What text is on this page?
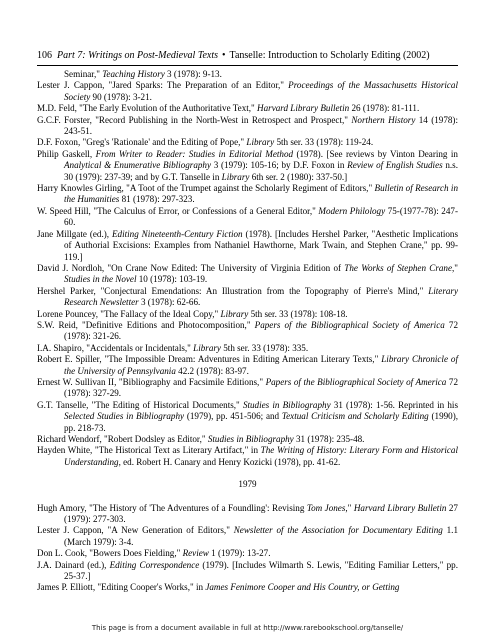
106 Part 7: Writings on Post-Medieval Texts • Tanselle: Introduction to Scholarly Editing (2002)

Seminar," Teaching History 3 (1978): 9-13.

Lester J. Cappon, "Jared Sparks: The Preparation of an Editor," Proceedings of the Massachusetts Historical Society 90 (1978): 3-21.

M.D. Feld, "The Early Evolution of the Authoritative Text," Harvard Library Bulletin 26 (1978): 81-111.

G.C.F. Forster, "Record Publishing in the North-West in Retrospect and Prospect," Northern History 14 (1978): 243-51.

D.F. Foxon, "Greg's 'Rationale' and the Editing of Pope," Library 5th ser. 33 (1978): 119-24.

Philip Gaskell, From Writer to Reader: Studies in Editorial Method (1978). [See reviews by Vinton Dearing in Analytical & Enumerative Bibliography 3 (1979): 105-16; by D.F. Foxon in Review of English Studies n.s. 30 (1979): 237-39; and by G.T. Tanselle in Library 6th ser. 2 (1980): 337-50.]

Harry Knowles Girling, "A Toot of the Trumpet against the Scholarly Regiment of Editors," Bulletin of Research in the Humanities 81 (1978): 297-323.

W. Speed Hill, "The Calculus of Error, or Confessions of a General Editor," Modern Philology 75-(1977-78): 247-60.

Jane Millgate (ed.), Editing Nineteenth-Century Fiction (1978). [Includes Hershel Parker, "Aesthetic Implications of Authorial Excisions: Examples from Nathaniel Hawthorne, Mark Twain, and Stephen Crane," pp. 99-119.]

David J. Nordloh, "On Crane Now Edited: The University of Virginia Edition of The Works of Stephen Crane," Studies in the Novel 10 (1978): 103-19.

Hershel Parker, "Conjectural Emendations: An Illustration from the Topography of Pierre's Mind," Literary Research Newsletter 3 (1978): 62-66.

Lorene Pouncey, "The Fallacy of the Ideal Copy," Library 5th ser. 33 (1978): 108-18.

S.W. Reid, "Definitive Editions and Photocomposition," Papers of the Bibliographical Society of America 72 (1978): 321-26.

I.A. Shapiro, "Accidentals or Incidentals," Library 5th ser. 33 (1978): 335.

Robert E. Spiller, "The Impossible Dream: Adventures in Editing American Literary Texts," Library Chronicle of the University of Pennsylvania 42.2 (1978): 83-97.

Ernest W. Sullivan II, "Bibliography and Facsimile Editions," Papers of the Bibliographical Society of America 72 (1978): 327-29.

G.T. Tanselle, "The Editing of Historical Documents," Studies in Bibliography 31 (1978): 1-56. Reprinted in his Selected Studies in Bibliography (1979), pp. 451-506; and Textual Criticism and Scholarly Editing (1990), pp. 218-73.

Richard Wendorf, "Robert Dodsley as Editor," Studies in Bibliography 31 (1978): 235-48.

Hayden White, "The Historical Text as Literary Artifact," in The Writing of History: Literary Form and Historical Understanding, ed. Robert H. Canary and Henry Kozicki (1978), pp. 41-62.

1979

Hugh Amory, "The History of 'The Adventures of a Foundling': Revising Tom Jones," Harvard Library Bulletin 27 (1979): 277-303.

Lester J. Cappon, "A New Generation of Editors," Newsletter of the Association for Documentary Editing 1.1 (March 1979): 3-4.

Don L. Cook, "Bowers Does Fielding," Review 1 (1979): 13-27.

J.A. Dainard (ed.), Editing Correspondence (1979). [Includes Wilmarth S. Lewis, "Editing Familiar Letters," pp. 25-37.]

James P. Elliott, "Editing Cooper's Works," in James Fenimore Cooper and His Country, or Getting

This page is from a document available in full at http://www.rarebookschool.org/tanselle/
